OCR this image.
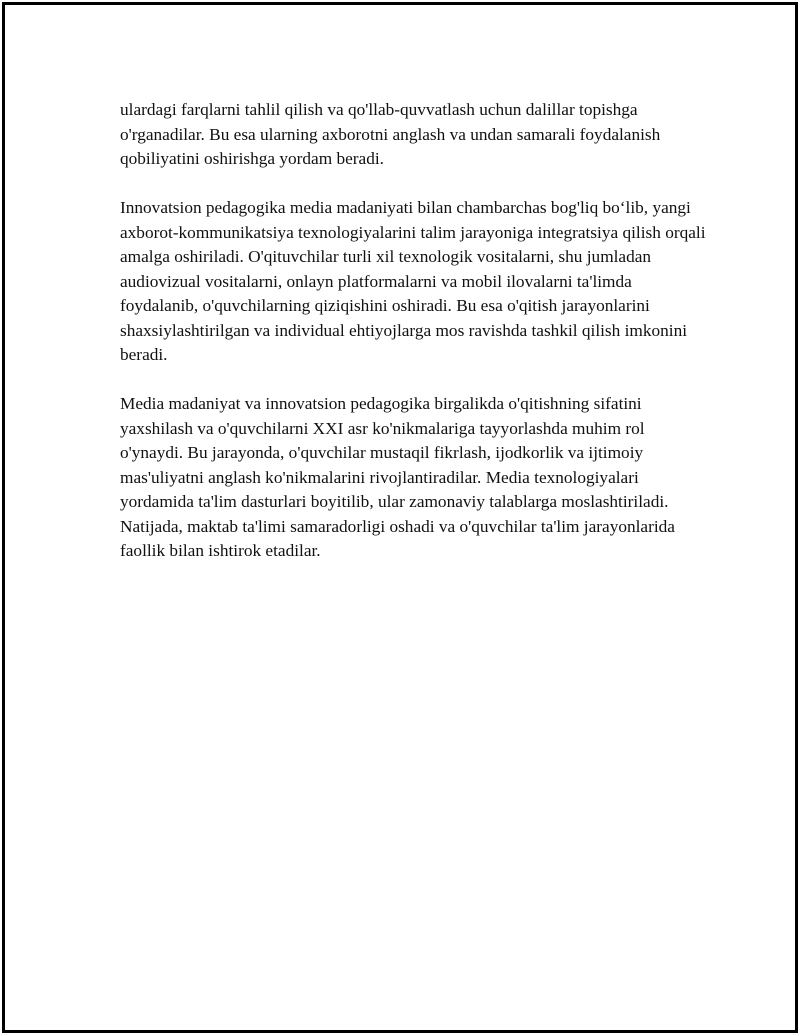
ulardagi farqlarni tahlil qilish va qo'llab-quvvatlash uchun dalillar topishga o'rganadilar. Bu esa ularning axborotni anglash va undan samarali foydalanish qobiliyatini oshirishga yordam beradi.

Innovatsion pedagogika media madaniyati bilan chambarchas bog'liq bo‘lib, yangi axborot-kommunikatsiya texnologiyalarini talim jarayoniga integratsiya qilish orqali amalga oshiriladi. O'qituvchilar turli xil texnologik vositalarni, shu jumladan audiovizual vositalarni, onlayn platformalarni va mobil ilovalarni ta'limda foydalanib, o'quvchilarning qiziqishini oshiradi. Bu esa o'qitish jarayonlarini shaxsiylashtirilgan va individual ehtiyojlarga mos ravishda tashkil qilish imkonini beradi.

Media madaniyat va innovatsion pedagogika birgalikda o'qitishning sifatini yaxshilash va o'quvchilarni XXI asr ko'nikmalariga tayyorlashda muhim rol o'ynaydi. Bu jarayonda, o'quvchilar mustaqil fikrlash, ijodkorlik va ijtimoiy mas'uliyatni anglash ko'nikmalarini rivojlantiradilar. Media texnologiyalari yordamida ta'lim dasturlari boyitilib, ular zamonaviy talablarga moslashtiriladi. Natijada, maktab ta'limi samaradorligi oshadi va o'quvchilar ta'lim jarayonlarida faollik bilan ishtirok etadilar.
